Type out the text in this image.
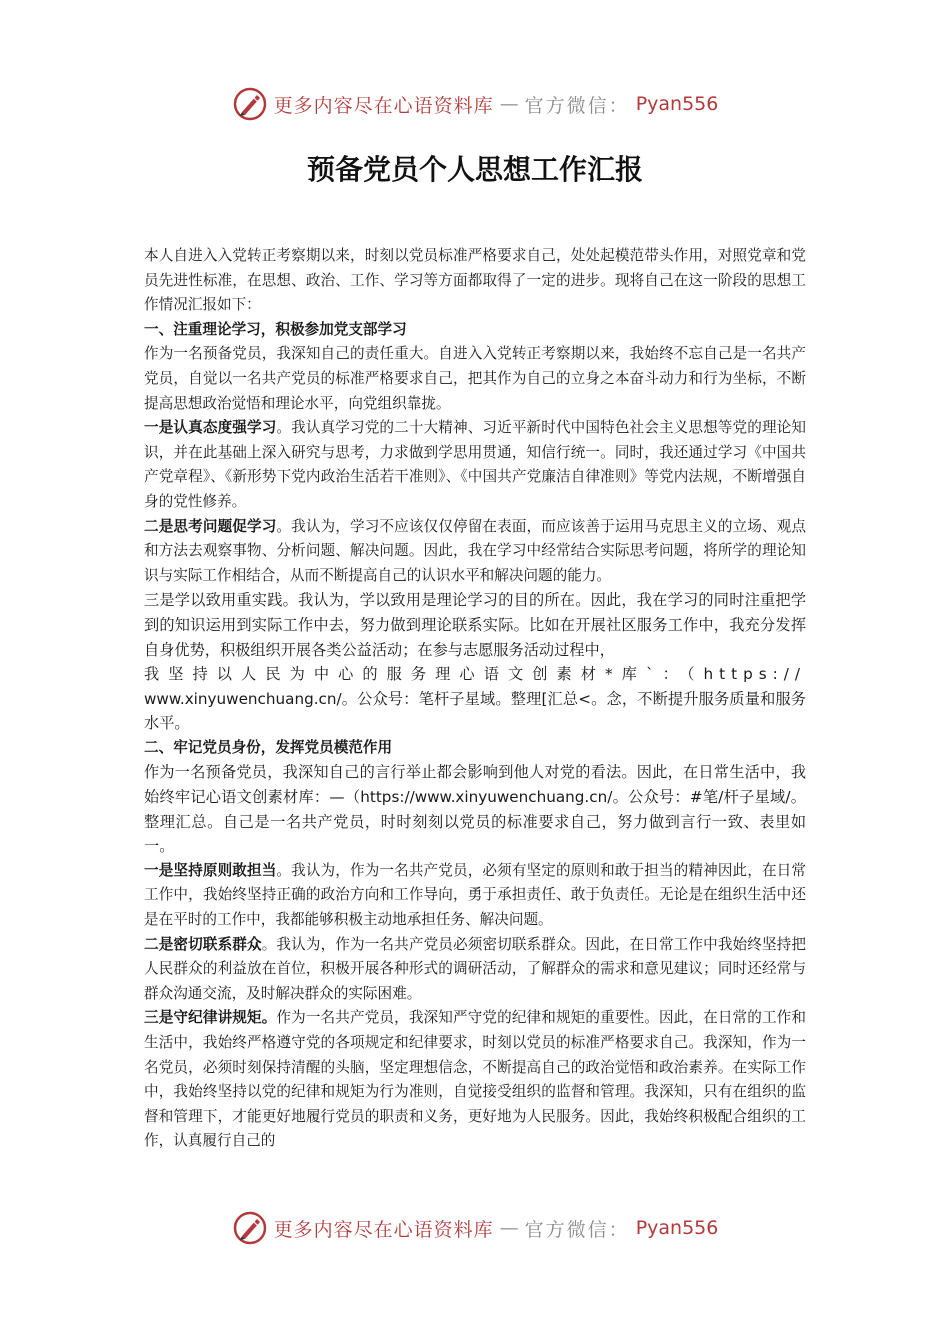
更多内容尽在心语资料库 — 官方微信： Pyan556
预备党员个人思想工作汇报

本人自进入入党转正考察期以来，时刻以党员标准严格要求自己，处处起模范带头作用，对照党章和党员先进性标准，在思想、政治、工作、学习等方面都取得了一定的进步。现将自己在这一阶段的思想工作情况汇报如下：

一、注重理论学习，积极参加党支部学习

作为一名预备党员，我深知自己的责任重大。自进入入党转正考察期以来，我始终不忘自己是一名共产党员，自觉以一名共产党员的标准严格要求自己，把其作为自己的立身之本奋斗动力和行为坐标，不断提高思想政治觉悟和理论水平，向党组织靠拢。

一是认真态度强学习。我认真学习党的二十大精神、习近平新时代中国特色社会主义思想等党的理论知识，并在此基础上深入研究与思考，力求做到学思用贯通，知信行统一。同时，我还通过学习《中国共产党章程》、《新形势下党内政治生活若干准则》、《中国共产党廉洁自律准则》等党内法规，不断增强自身的党性修养。

二是思考问题促学习。我认为，学习不应该仅仅停留在表面，而应该善于运用马克思主义的立场、观点和方法去观察事物、分析问题、解决问题。因此，我在学习中经常结合实际思考问题，将所学的理论知识与实际工作相结合，从而不断提高自己的认识水平和解决问题的能力。

三是学以致用重实践。我认为，学以致用是理论学习的目的所在。因此，我在学习的同时注重把学到的知识运用到实际工作中去，努力做到理论联系实际。比如在开展社区服务工作中，我充分发挥自身优势，积极组织开展各类公益活动；在参与志愿服务活动过程中，

我坚持以人民为中心的服务理心语文创素材*库`：（https://

www.xinyuwenchuang.cn/。公众号：笔杆子星域。整理[汇总<。念，不断提升服务质量和服务水平。

二、牢记党员身份，发挥党员模范作用

作为一名预备党员，我深知自己的言行举止都会影响到他人对党的看法。因此，在日常生活中，我始终牢记心语文创素材库：—（https://www.xinyuwenchuang.cn/。公众号：#笔/杆子星域/。整理汇总。自己是一名共产党员，时时刻刻以党员的标准要求自己，努力做到言行一致、表里如一。

一是坚持原则敢担当。我认为，作为一名共产党员，必须有坚定的原则和敢于担当的精神因此，在日常工作中，我始终坚持正确的政治方向和工作导向，勇于承担责任、敢于负责任。无论是在组织生活中还是在平时的工作中，我都能够积极主动地承担任务、解决问题。

二是密切联系群众。我认为，作为一名共产党员必须密切联系群众。因此，在日常工作中我始终坚持把人民群众的利益放在首位，积极开展各种形式的调研活动，了解群众的需求和意见建议；同时还经常与群众沟通交流，及时解决群众的实际困难。

三是守纪律讲规矩。作为一名共产党员，我深知严守党的纪律和规矩的重要性。因此，在日常的工作和生活中，我始终严格遵守党的各项规定和纪律要求，时刻以党员的标准严格要求自己。我深知，作为一名党员，必须时刻保持清醒的头脑，坚定理想信念，不断提高自己的政治觉悟和政治素养。在实际工作中，我始终坚持以党的纪律和规矩为行为准则，自觉接受组织的监督和管理。我深知，只有在组织的监督和管理下，才能更好地履行党员的职责和义务，更好地为人民服务。因此，我始终积极配合组织的工作，认真履行自己的

更多内容尽在心语资料库 — 官方微信： Pyan556
